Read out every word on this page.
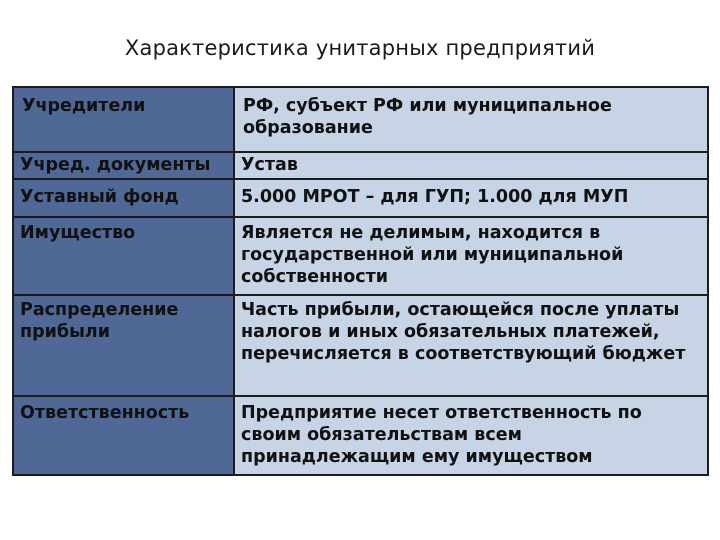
Характеристика унитарных предприятий
Учредители	РФ, субъект РФ или муниципальное образование
Учред. документы	Устав
Уставный фонд	5.000 МРОТ – для ГУП; 1.000 для МУП
Имущество	Является не делимым, находится в государственной или муниципальной собственности
Распределение прибыли	Часть прибыли, остающейся после уплаты налогов и иных обязательных платежей, перечисляется в соответствующий бюджет
Ответственность	Предприятие несет ответственность по своим обязательствам всем принадлежащим ему имуществом
